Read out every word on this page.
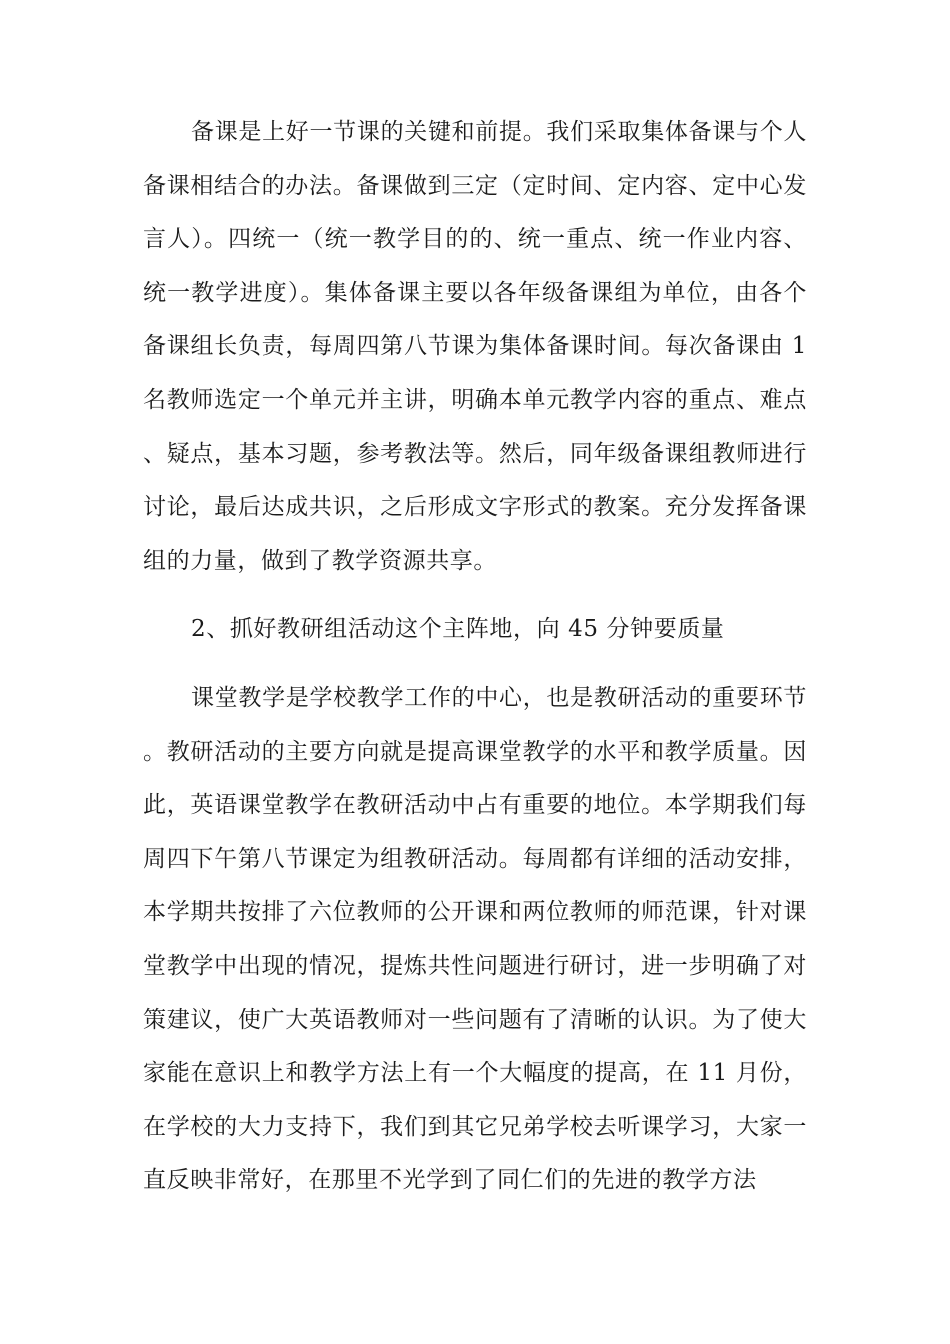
备课是上好一节课的关键和前提。我们采取集体备课与个人备课相结合的办法。备课做到三定（定时间、定内容、定中心发言人）。四统一（统一教学目的的、统一重点、统一作业内容、统一教学进度）。集体备课主要以各年级备课组为单位，由各个备课组长负责，每周四第八节课为集体备课时间。每次备课由 1 名教师选定一个单元并主讲，明确本单元教学内容的重点、难点、疑点，基本习题，参考教法等。然后，同年级备课组教师进行讨论，最后达成共识，之后形成文字形式的教案。充分发挥备课组的力量，做到了教学资源共享。

2、抓好教研组活动这个主阵地，向 45 分钟要质量

课堂教学是学校教学工作的中心，也是教研活动的重要环节。教研活动的主要方向就是提高课堂教学的水平和教学质量。因此，英语课堂教学在教研活动中占有重要的地位。本学期我们每周四下午第八节课定为组教研活动。每周都有详细的活动安排，本学期共按排了六位教师的公开课和两位教师的师范课，针对课堂教学中出现的情况，提炼共性问题进行研讨，进一步明确了对策建议，使广大英语教师对一些问题有了清晰的认识。为了使大家能在意识上和教学方法上有一个大幅度的提高，在 11 月份，在学校的大力支持下，我们到其它兄弟学校去听课学习，大家一直反映非常好，在那里不光学到了同仁们的先进的教学方法
